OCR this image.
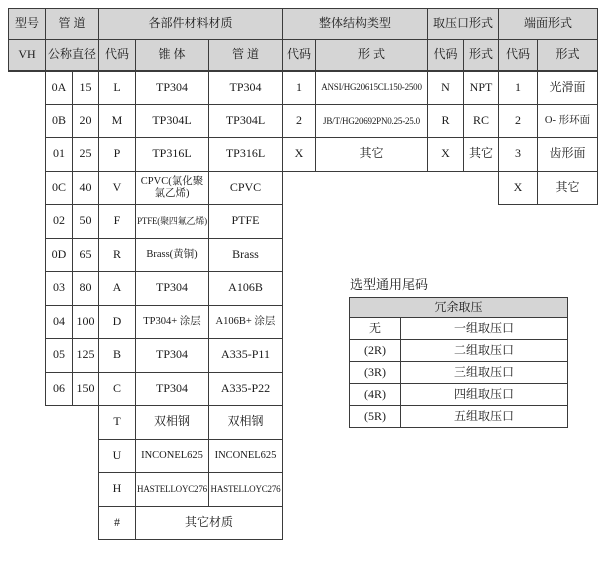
型号	管 道		各部件材料材质			整体结构类型		取压口形式		端面形式	
VH	公称直径		代码	锥 体	管 道	代码	形 式	代码	形式	代码	形式
	0A	15	L	TP304	TP304	1	ANSI/HG20615CL150-2500	N	NPT	1	光滑面
	0B	20	M	TP304L	TP304L	2	JB/T/HG20692PN0.25-25.0	R	RC	2	O- 形环面
	01	25	P	TP316L	TP316L	X	其它	X	其它	3	齿形面
	0C	40	V	CPVC(氯化聚氯乙烯)	CPVC					X	其它
	02	50	F	PTFE(聚四氟乙烯)	PTFE						
	0D	65	R	Brass(黄铜)	Brass						
	03	80	A	TP304	A106B						
	04	100	D	TP304+ 涂层	A106B+ 涂层						
	05	125	B	TP304	A335-P11						
	06	150	C	TP304	A335-P22						
			T	双相钢	双相钢						
			U	INCONEL625	INCONEL625						
			H	HASTELLOYC276	HASTELLOYC276						
			#	其它材质							
选型通用尾码
冗余取压	
无	一组取压口
(2R)	二组取压口
(3R)	三组取压口
(4R)	四组取压口
(5R)	五组取压口
